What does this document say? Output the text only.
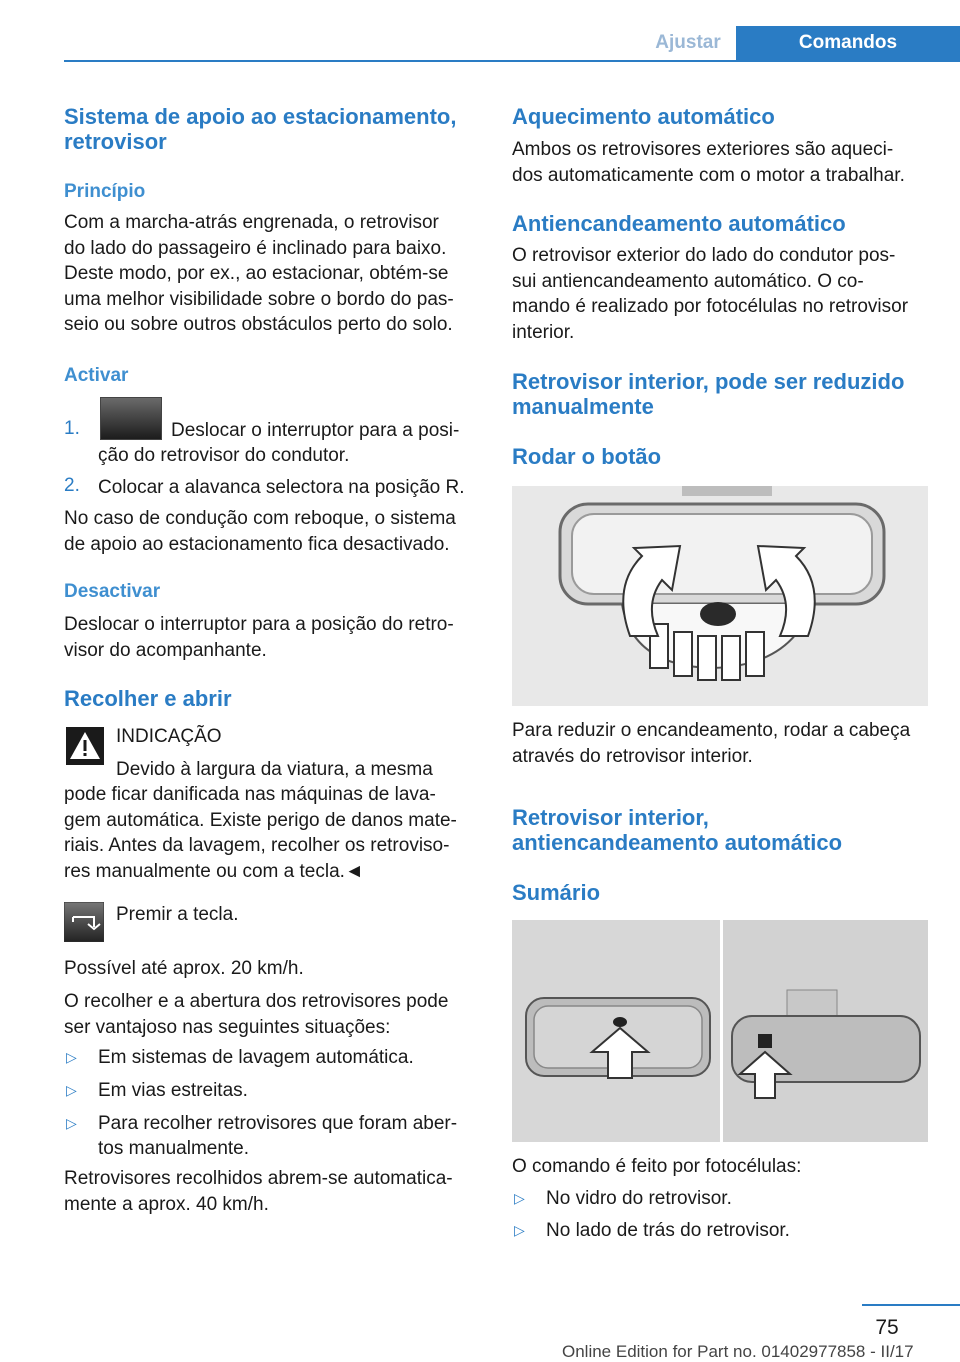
Ajustar	Comandos
Sistema de apoio ao estacionamento,
retrovisor
Princípio
Com a marcha-atrás engrenada, o retrovisor
do lado do passageiro é inclinado para baixo.
Deste modo, por ex., ao estacionar, obtém-se
uma melhor visibilidade sobre o bordo do pas-
seio ou sobre outros obstáculos perto do solo.
Activar
1.	Deslocar o interruptor para a posi-
ção do retrovisor do condutor.
2. Colocar a alavanca selectora na posição R.
No caso de condução com reboque, o sistema
de apoio ao estacionamento fica desactivado.
Desactivar
Deslocar o interruptor para a posição do retro-
visor do acompanhante.
Recolher e abrir
INDICAÇÃO
Devido à largura da viatura, a mesma
pode ficar danificada nas máquinas de lava-
gem automática. Existe perigo de danos mate-
riais. Antes da lavagem, recolher os retroviso-
res manualmente ou com a tecla.◄
Premir a tecla.
Possível até aprox. 20 km/h.
O recolher e a abertura dos retrovisores pode
ser vantajoso nas seguintes situações:
▷ Em sistemas de lavagem automática.
▷ Em vias estreitas.
▷ Para recolher retrovisores que foram aber-
tos manualmente.
Retrovisores recolhidos abrem-se automatica-
mente a aprox. 40 km/h.
Aquecimento automático
Ambos os retrovisores exteriores são aqueci-
dos automaticamente com o motor a trabalhar.
Antiencandeamento automático
O retrovisor exterior do lado do condutor pos-
sui antiencandeamento automático. O co-
mando é realizado por fotocélulas no retrovisor
interior.
Retrovisor interior, pode ser reduzido
manualmente
Rodar o botão
Para reduzir o encandeamento, rodar a cabeça
através do retrovisor interior.
Retrovisor interior,
antiencandeamento automático
Sumário
O comando é feito por fotocélulas:
▷ No vidro do retrovisor.
▷ No lado de trás do retrovisor.
75
Online Edition for Part no. 01402977858 - II/17
